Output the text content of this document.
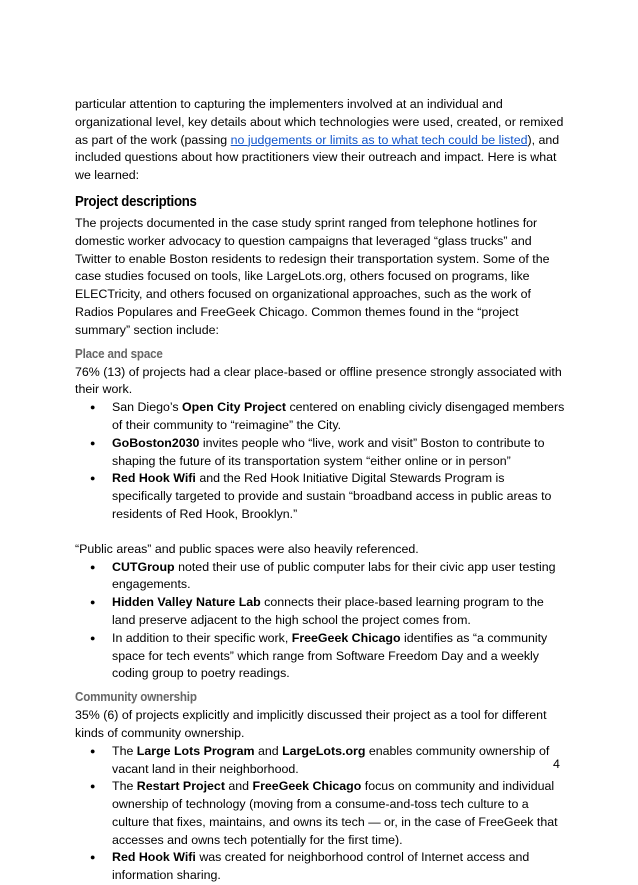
particular attention to capturing the implementers involved at an individual and organizational level, key details about which technologies were used, created, or remixed as part of the work (passing no judgements or limits as to what tech could be listed), and included questions about how practitioners view their outreach and impact. Here is what we learned:

Project descriptions

The projects documented in the case study sprint ranged from telephone hotlines for domestic worker advocacy to question campaigns that leveraged “glass trucks” and Twitter to enable Boston residents to redesign their transportation system. Some of the case studies focused on tools, like LargeLots.org, others focused on programs, like ELECTricity, and others focused on organizational approaches, such as the work of Radios Populares and FreeGeek Chicago. Common themes found in the “project summary” section include:

Place and space

76% (13) of projects had a clear place-based or offline presence strongly associated with their work.

● San Diego’s Open City Project centered on enabling civicly disengaged members of their community to “reimagine” the City.
● GoBoston2030 invites people who “live, work and visit” Boston to contribute to shaping the future of its transportation system “either online or in person”
● Red Hook Wifi and the Red Hook Initiative Digital Stewards Program is specifically targeted to provide and sustain “broadband access in public areas to residents of Red Hook, Brooklyn.”

“Public areas” and public spaces were also heavily referenced.

● CUTGroup noted their use of public computer labs for their civic app user testing engagements.
● Hidden Valley Nature Lab connects their place-based learning program to the land preserve adjacent to the high school the project comes from.
● In addition to their specific work, FreeGeek Chicago identifies as “a community space for tech events” which range from Software Freedom Day and a weekly coding group to poetry readings.
Community ownership

35% (6) of projects explicitly and implicitly discussed their project as a tool for different kinds of community ownership.

● The Large Lots Program and LargeLots.org enables community ownership of vacant land in their neighborhood.
● The Restart Project and FreeGeek Chicago focus on community and individual ownership of technology (moving from a consume-and-toss tech culture to a culture that fixes, maintains, and owns its tech — or, in the case of FreeGeek that accesses and owns tech potentially for the first time).
● Red Hook Wifi was created for neighborhood control of Internet access and information sharing.
4
